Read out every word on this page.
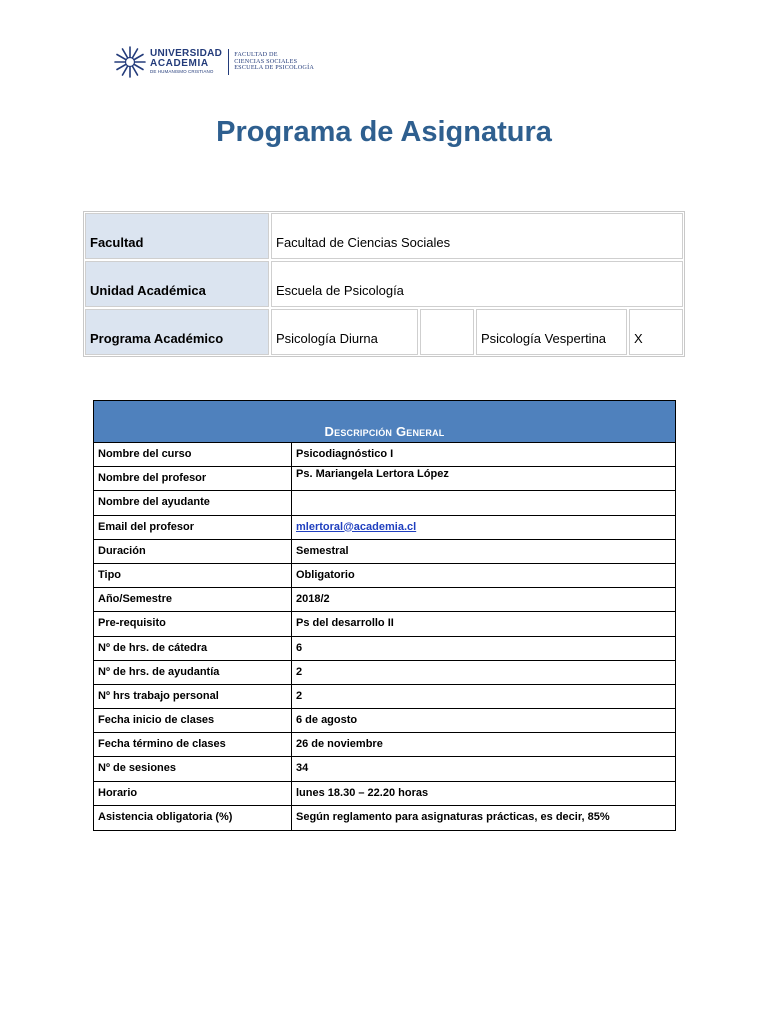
UNIVERSIDAD
ACADEMIA
DE HUMANISMO CRISTIANO
FACULTAD DE
CIENCIAS SOCIALES
ESCUELA DE PSICOLOGÍA
Programa de Asignatura
Facultad	Facultad de Ciencias Sociales
Unidad Académica	Escuela de Psicología
Programa Académico	Psicología Diurna	Psicología Vespertina	X
Descripción General
Nombre del curso	Psicodiagnóstico I
Nombre del profesor	Ps. Mariangela Lertora López
Nombre del ayudante
Email del profesor	mlertoral@academia.cl
Duración	Semestral
Tipo	Obligatorio
Año/Semestre	2018/2
Pre-requisito	Ps del desarrollo II
Nº de hrs. de cátedra	6
Nº de hrs. de ayudantía	2
Nº hrs trabajo personal	2
Fecha inicio de clases	6 de agosto
Fecha término de clases	26 de noviembre
Nº de sesiones	34
Horario	lunes 18.30 – 22.20 horas
Asistencia obligatoria (%)	Según reglamento para asignaturas prácticas, es decir, 85%
